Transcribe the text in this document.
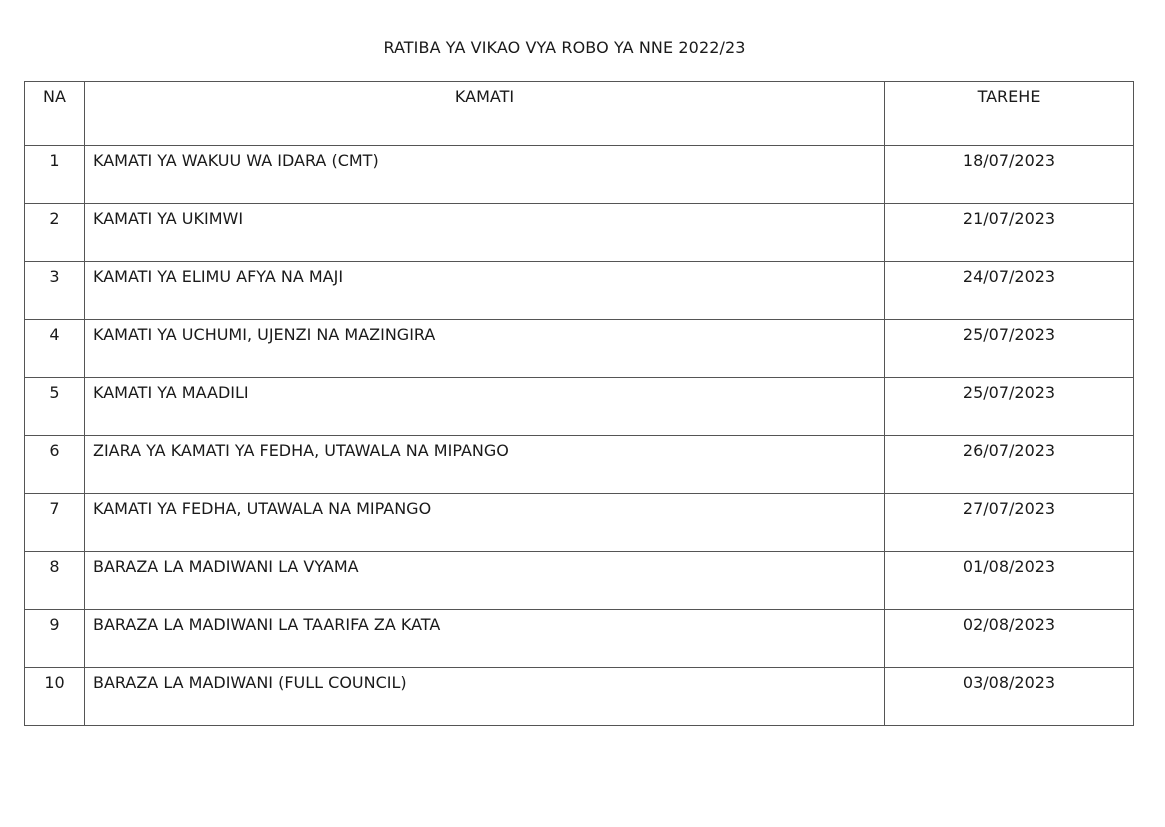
RATIBA YA VIKAO VYA ROBO YA NNE 2022/23
NA	KAMATI	TAREHE
1	KAMATI YA WAKUU WA IDARA (CMT)	18/07/2023
2	KAMATI YA UKIMWI	21/07/2023
3	KAMATI YA ELIMU AFYA NA MAJI	24/07/2023
4	KAMATI YA UCHUMI, UJENZI NA MAZINGIRA	25/07/2023
5	KAMATI YA MAADILI	25/07/2023
6	ZIARA YA KAMATI YA FEDHA, UTAWALA NA MIPANGO	26/07/2023
7	KAMATI YA FEDHA, UTAWALA NA MIPANGO	27/07/2023
8	BARAZA LA MADIWANI LA VYAMA	01/08/2023
9	BARAZA LA MADIWANI LA TAARIFA ZA KATA	02/08/2023
10	BARAZA LA MADIWANI (FULL COUNCIL)	03/08/2023
